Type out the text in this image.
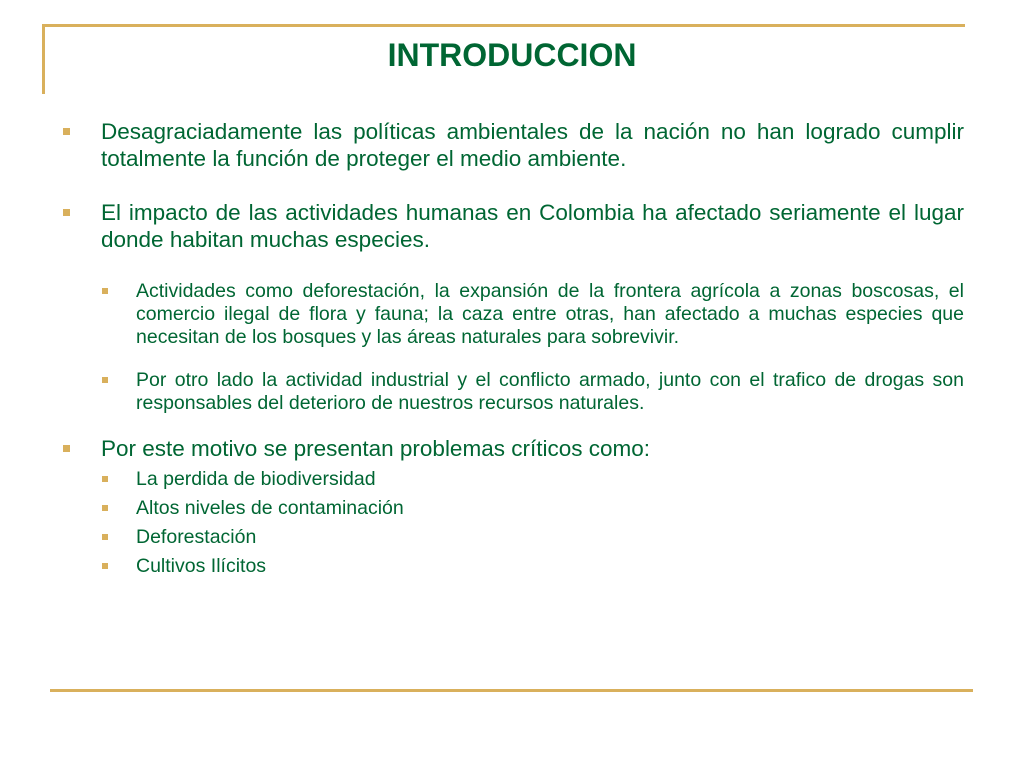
INTRODUCCION
Desagraciadamente las políticas ambientales de la nación no han logrado cumplir totalmente la función de proteger el medio ambiente.
El impacto de las actividades humanas en Colombia ha afectado seriamente el lugar donde habitan muchas especies.
Actividades como deforestación, la expansión de la frontera agrícola a zonas boscosas, el comercio ilegal de flora y fauna; la caza entre otras, han afectado a muchas especies que necesitan de los bosques y las áreas naturales para sobrevivir.
Por otro lado la actividad industrial y el conflicto armado, junto con el trafico de drogas son responsables del deterioro de nuestros recursos naturales.
Por este motivo se presentan problemas críticos como:
La perdida de biodiversidad
Altos niveles de contaminación
Deforestación
Cultivos Ilícitos
